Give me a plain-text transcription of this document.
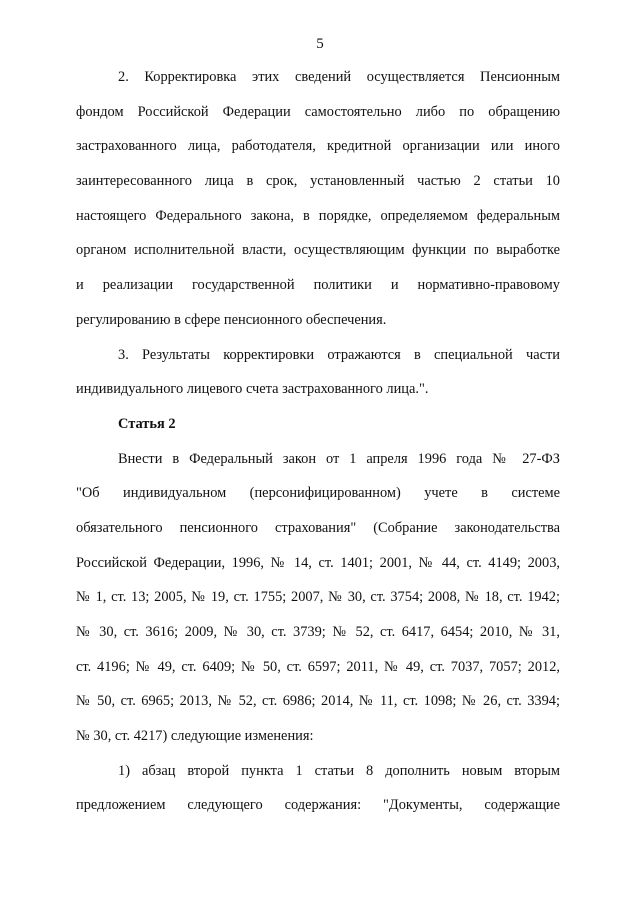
5
2. Корректировка этих сведений осуществляется Пенсионным
фондом Российской Федерации самостоятельно либо по обращению
застрахованного лица, работодателя, кредитной организации или иного
заинтересованного лица в срок, установленный частью 2 статьи 10
настоящего Федерального закона, в порядке, определяемом федеральным
органом исполнительной власти, осуществляющим функции по выработке
и реализации государственной политики и нормативно-правовому
регулированию в сфере пенсионного обеспечения.
3. Результаты корректировки отражаются в специальной части
индивидуального лицевого счета застрахованного лица.".
Статья 2
Внести в Федеральный закон от 1 апреля 1996 года № 27-ФЗ
"Об индивидуальном (персонифицированном) учете в системе
обязательного пенсионного страхования" (Собрание законодательства
Российской Федерации, 1996, № 14, ст. 1401; 2001, № 44, ст. 4149; 2003,
№ 1, ст. 13; 2005, № 19, ст. 1755; 2007, № 30, ст. 3754; 2008, № 18, ст. 1942;
№ 30, ст. 3616; 2009, № 30, ст. 3739; № 52, ст. 6417, 6454; 2010, № 31,
ст. 4196; № 49, ст. 6409; № 50, ст. 6597; 2011, № 49, ст. 7037, 7057; 2012,
№ 50, ст. 6965; 2013, № 52, ст. 6986; 2014, № 11, ст. 1098; № 26, ст. 3394;
№ 30, ст. 4217) следующие изменения:
1) абзац второй пункта 1 статьи 8 дополнить новым вторым
предложением следующего содержания: "Документы, содержащие
